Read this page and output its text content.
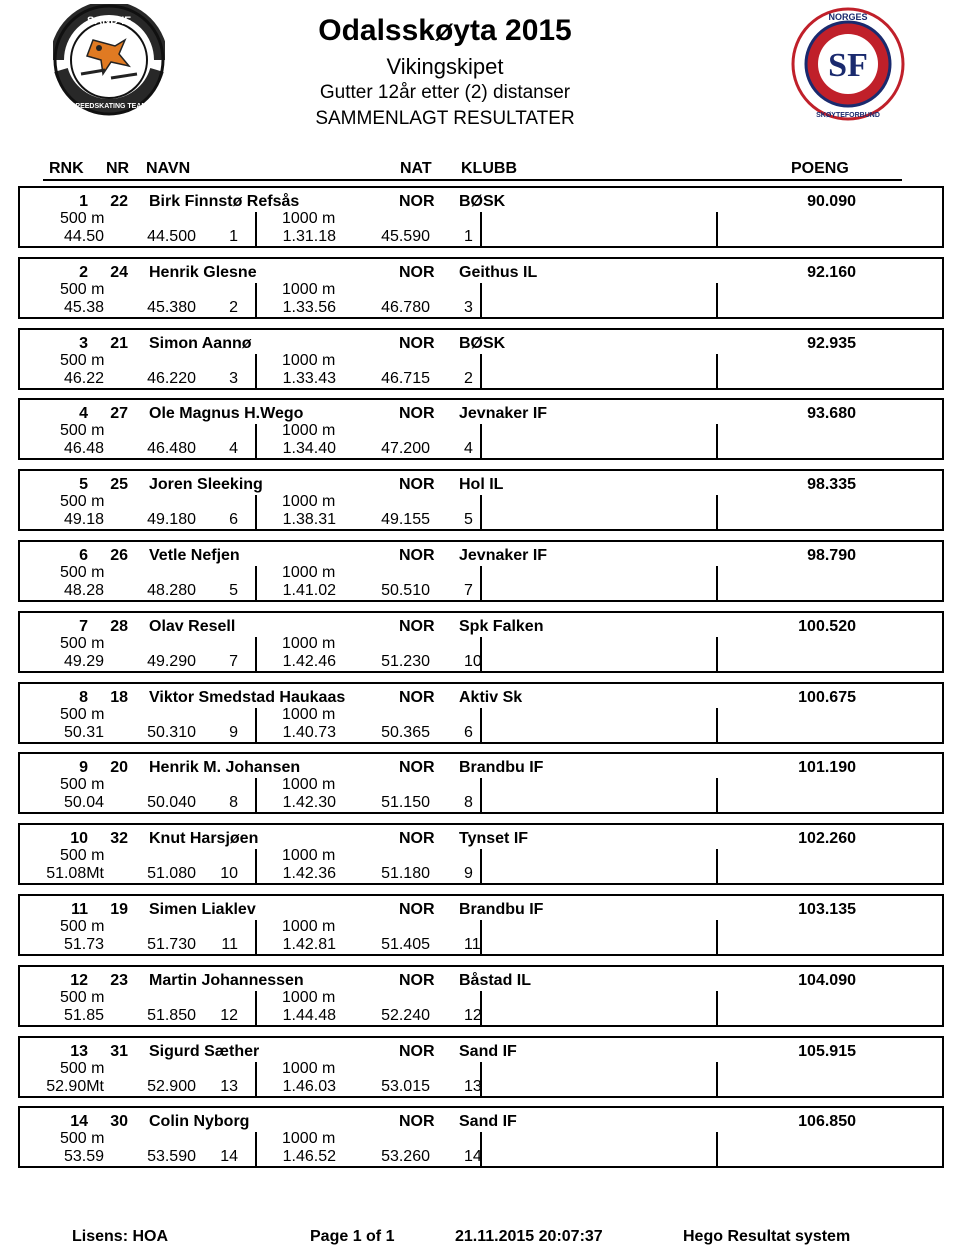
SAND IF
SPEEDSKATING TEAM
NORGES
SKØYTEFORBUND
SF
Odalsskøyta 2015
Vikingskipet
Gutter 12år etter (2) distanser
SAMMENLAGT RESULTATER
RNK NR NAVN	NAT KLUBB	POENG
500 m	1000 m
1	22 Birk Finnstø Refsås	NOR	BØSK	90.090
44.50	44.500	1	1.31.18	45.590 1
500 m	1000 m
2	24 Henrik Glesne	NOR	Geithus IL	92.160
45.38	45.380	2	1.33.56	46.780 3
500 m	1000 m
3	21 Simon Aannø	NOR	BØSK	92.935
46.22	46.220	3	1.33.43	46.715 2
500 m	1000 m
4	27 Ole Magnus H.Wego	NOR	Jevnaker IF	93.680
46.48	46.480	4	1.34.40	47.200 4
500 m	1000 m
5	25 Joren Sleeking	NOR	Hol IL	98.335
49.18	49.180	6	1.38.31	49.155 5
500 m	1000 m
6	26 Vetle Nefjen	NOR	Jevnaker IF	98.790
48.28	48.280	5	1.41.02	50.510 7
500 m	1000 m
7	28 Olav Resell	NOR	Spk Falken	100.520
49.29	49.290	7	1.42.46	51.230 10
500 m	1000 m
8	18 Viktor Smedstad Haukaas	NOR	Aktiv Sk	100.675
50.31	50.310	9	1.40.73	50.365 6
500 m	1000 m
9	20 Henrik M. Johansen	NOR	Brandbu IF	101.190
50.04	50.040	8	1.42.30	51.150 8
500 m	1000 m
10	32 Knut Harsjøen	NOR	Tynset IF	102.260
51.08Mt	51.080	10	1.42.36	51.180 9
500 m	1000 m
11	19 Simen Liaklev	NOR	Brandbu IF	103.135
51.73	51.730	11	1.42.81	51.405 11
500 m	1000 m
12	23 Martin Johannessen	NOR	Båstad IL	104.090
51.85	51.850	12	1.44.48	52.240 12
500 m	1000 m
13	31 Sigurd Sæther	NOR	Sand IF	105.915
52.90Mt	52.900	13	1.46.03	53.015 13
500 m	1000 m
14	30 Colin Nyborg	NOR	Sand IF	106.850
53.59	53.590	14	1.46.52	53.260 14
Lisens: HOA	Page 1 of 1	21.11.2015 20:07:37	Hego Resultat system
